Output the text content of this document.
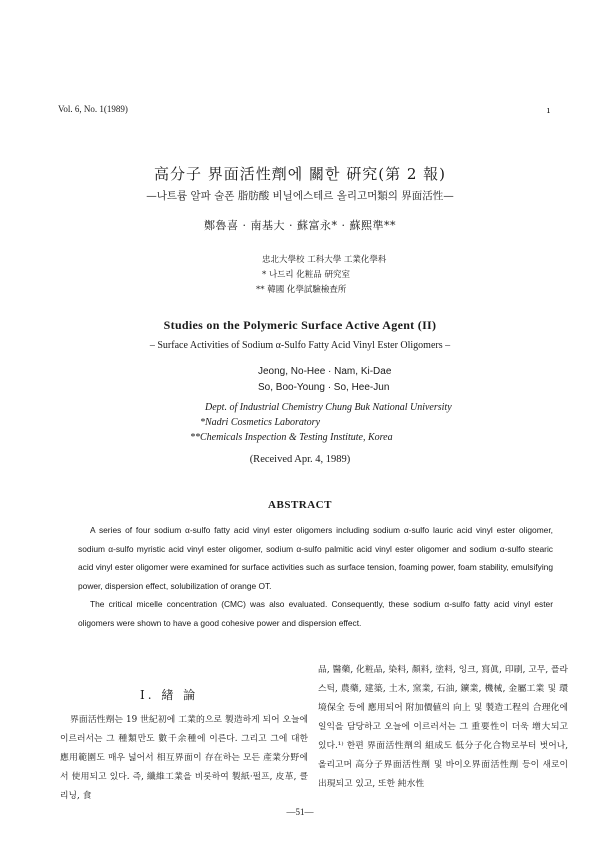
Vol. 6, No. 1(1989)	ı
高分子 界面活性劑에 關한 硏究(第 2 報)
—나트륨 알파 술폰 脂肪酸 비닐에스테르 올리고머類의 界面活性—
鄭魯喜 · 南基大 · 蘇富永* · 蘇熙準**
忠北大學校 工科大學 工業化學科
* 나드리 化粧品 硏究室
** 韓國 化學試驗檢査所
Studies on the Polymeric Surface Active Agent (II)
– Surface Activities of Sodium α-Sulfo Fatty Acid Vinyl Ester Oligomers –
Jeong, No-Hee · Nam, Ki-Dae
So, Boo-Young · So, Hee-Jun
Dept. of Industrial Chemistry Chung Buk National University
*Nadri Cosmetics Laboratory
**Chemicals Inspection & Testing Institute, Korea
(Received Apr. 4, 1989)
ABSTRACT

A series of four sodium α-sulfo fatty acid vinyl ester oligomers including sodium α-sulfo lauric acid vinyl ester oligomer, sodium α-sulfo myristic acid vinyl ester oligomer, sodium α-sulfo palmitic acid vinyl ester oligomer and sodium α-sulfo stearic acid vinyl ester oligomer were examined for surface activities such as surface tension, foaming power, foam stability, emulsifying power, dispersion effect, solubilization of orange OT.

The critical micelle concentration (CMC) was also evaluated. Consequently, these sodium α-sulfo fatty acid vinyl ester oligomers were shown to have a good cohesive power and dispersion effect.

Ⅰ. 緖 論

界面活性劑는 19 世紀初에 工業的으로 製造하게 되어 오늘에 이르러서는 그 種類만도 數千余種에 이른다. 그리고 그에 대한 應用範圍도 매우 넓어서 相互界面이 存在하는 모든 產業分野에서 使用되고 있다. 즉, 纖維工業을 비롯하여 製紙·펄프, 皮革, 클리닝, 食

品, 醫藥, 化粧品, 染料, 顏料, 塗料, 잉크, 寫眞, 印刷, 고무, 플라스틱, 農藥, 建築, 土木, 窯業, 石油, 鑛業, 機械, 金屬工業 및 環境保全 등에 應用되어 附加價値의 向上 및 製造工程의 合理化에 일익을 담당하고 오늘에 이르러서는 그 重要性이 더욱 增大되고 있다.¹⁾ 한편 界面活性劑의 組成도 低分子化合物로부터 벗어나, 올리고머 高分子界面活性劑 및 바이오界面活性劑 등이 새로이 出現되고 있고, 또한 純水性

—51—
